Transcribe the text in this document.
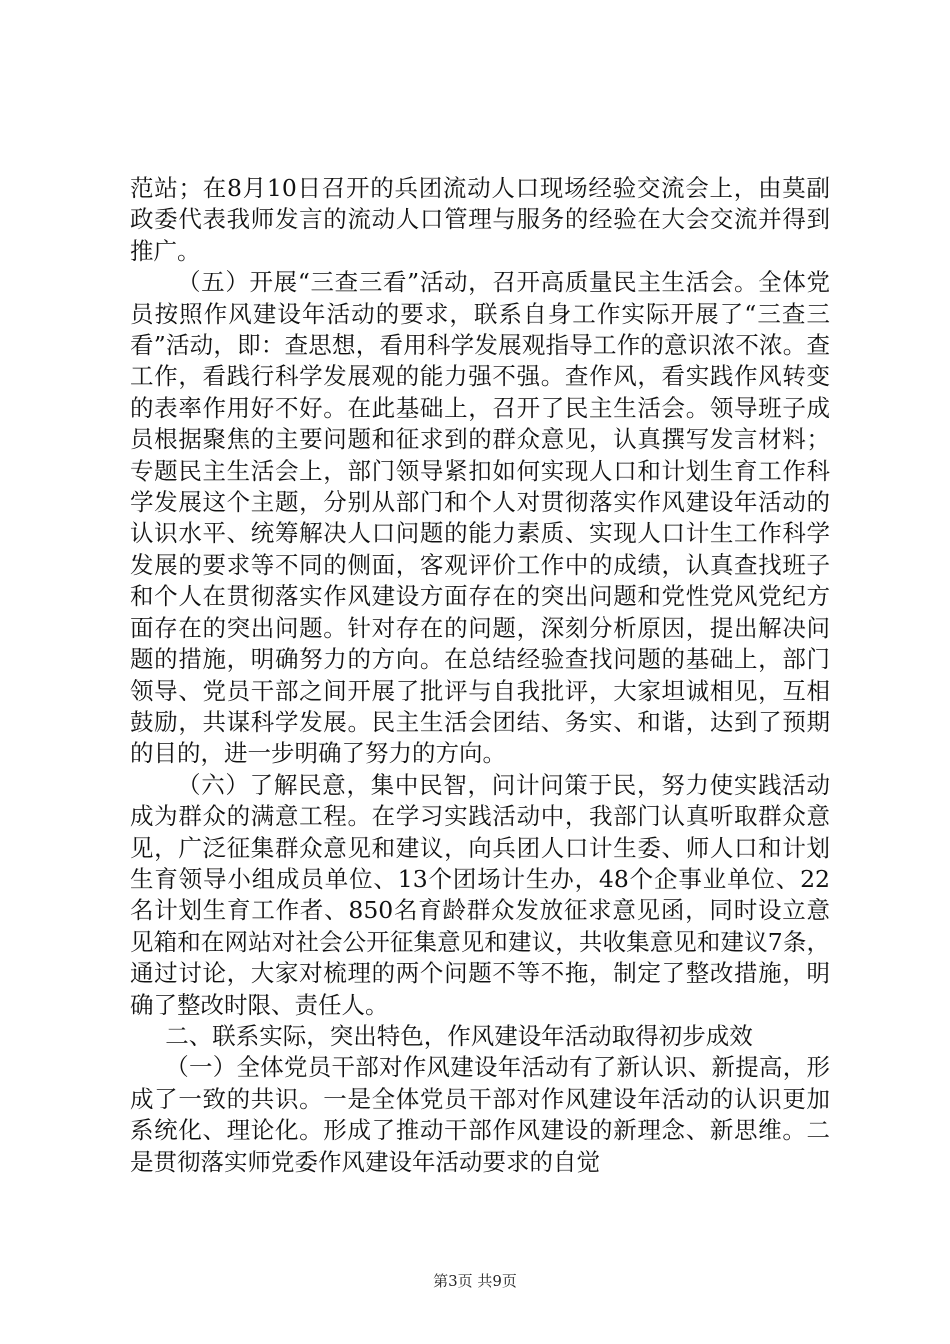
范站；在8月10日召开的兵团流动人口现场经验交流会上，由莫副政委代表我师发言的流动人口管理与服务的经验在大会交流并得到推广。

（五）开展“三查三看”活动，召开高质量民主生活会。全体党员按照作风建设年活动的要求，联系自身工作实际开展了“三查三看”活动，即：查思想，看用科学发展观指导工作的意识浓不浓。查工作，看践行科学发展观的能力强不强。查作风，看实践作风转变的表率作用好不好。在此基础上，召开了民主生活会。领导班子成员根据聚焦的主要问题和征求到的群众意见，认真撰写发言材料；专题民主生活会上，部门领导紧扣如何实现人口和计划生育工作科学发展这个主题，分别从部门和个人对贯彻落实作风建设年活动的认识水平、统筹解决人口问题的能力素质、实现人口计生工作科学发展的要求等不同的侧面，客观评价工作中的成绩，认真查找班子和个人在贯彻落实作风建设方面存在的突出问题和党性党风党纪方面存在的突出问题。针对存在的问题，深刻分析原因，提出解决问题的措施，明确努力的方向。在总结经验查找问题的基础上，部门领导、党员干部之间开展了批评与自我批评，大家坦诚相见，互相鼓励，共谋科学发展。民主生活会团结、务实、和谐，达到了预期的目的，进一步明确了努力的方向。

（六）了解民意，集中民智，问计问策于民，努力使实践活动成为群众的满意工程。在学习实践活动中，我部门认真听取群众意见，广泛征集群众意见和建议，向兵团人口计生委、师人口和计划生育领导小组成员单位、13个团场计生办，48个企事业单位、22名计划生育工作者、850名育龄群众发放征求意见函，同时设立意见箱和在网站对社会公开征集意见和建议，共收集意见和建议7条，通过讨论，大家对梳理的两个问题不等不拖，制定了整改措施，明确了整改时限、责任人。

二、联系实际，突出特色，作风建设年活动取得初步成效

（一）全体党员干部对作风建设年活动有了新认识、新提高，形成了一致的共识。一是全体党员干部对作风建设年活动的认识更加系统化、理论化。形成了推动干部作风建设的新理念、新思维。二是贯彻落实师党委作风建设年活动要求的自觉

第3页 共9页
